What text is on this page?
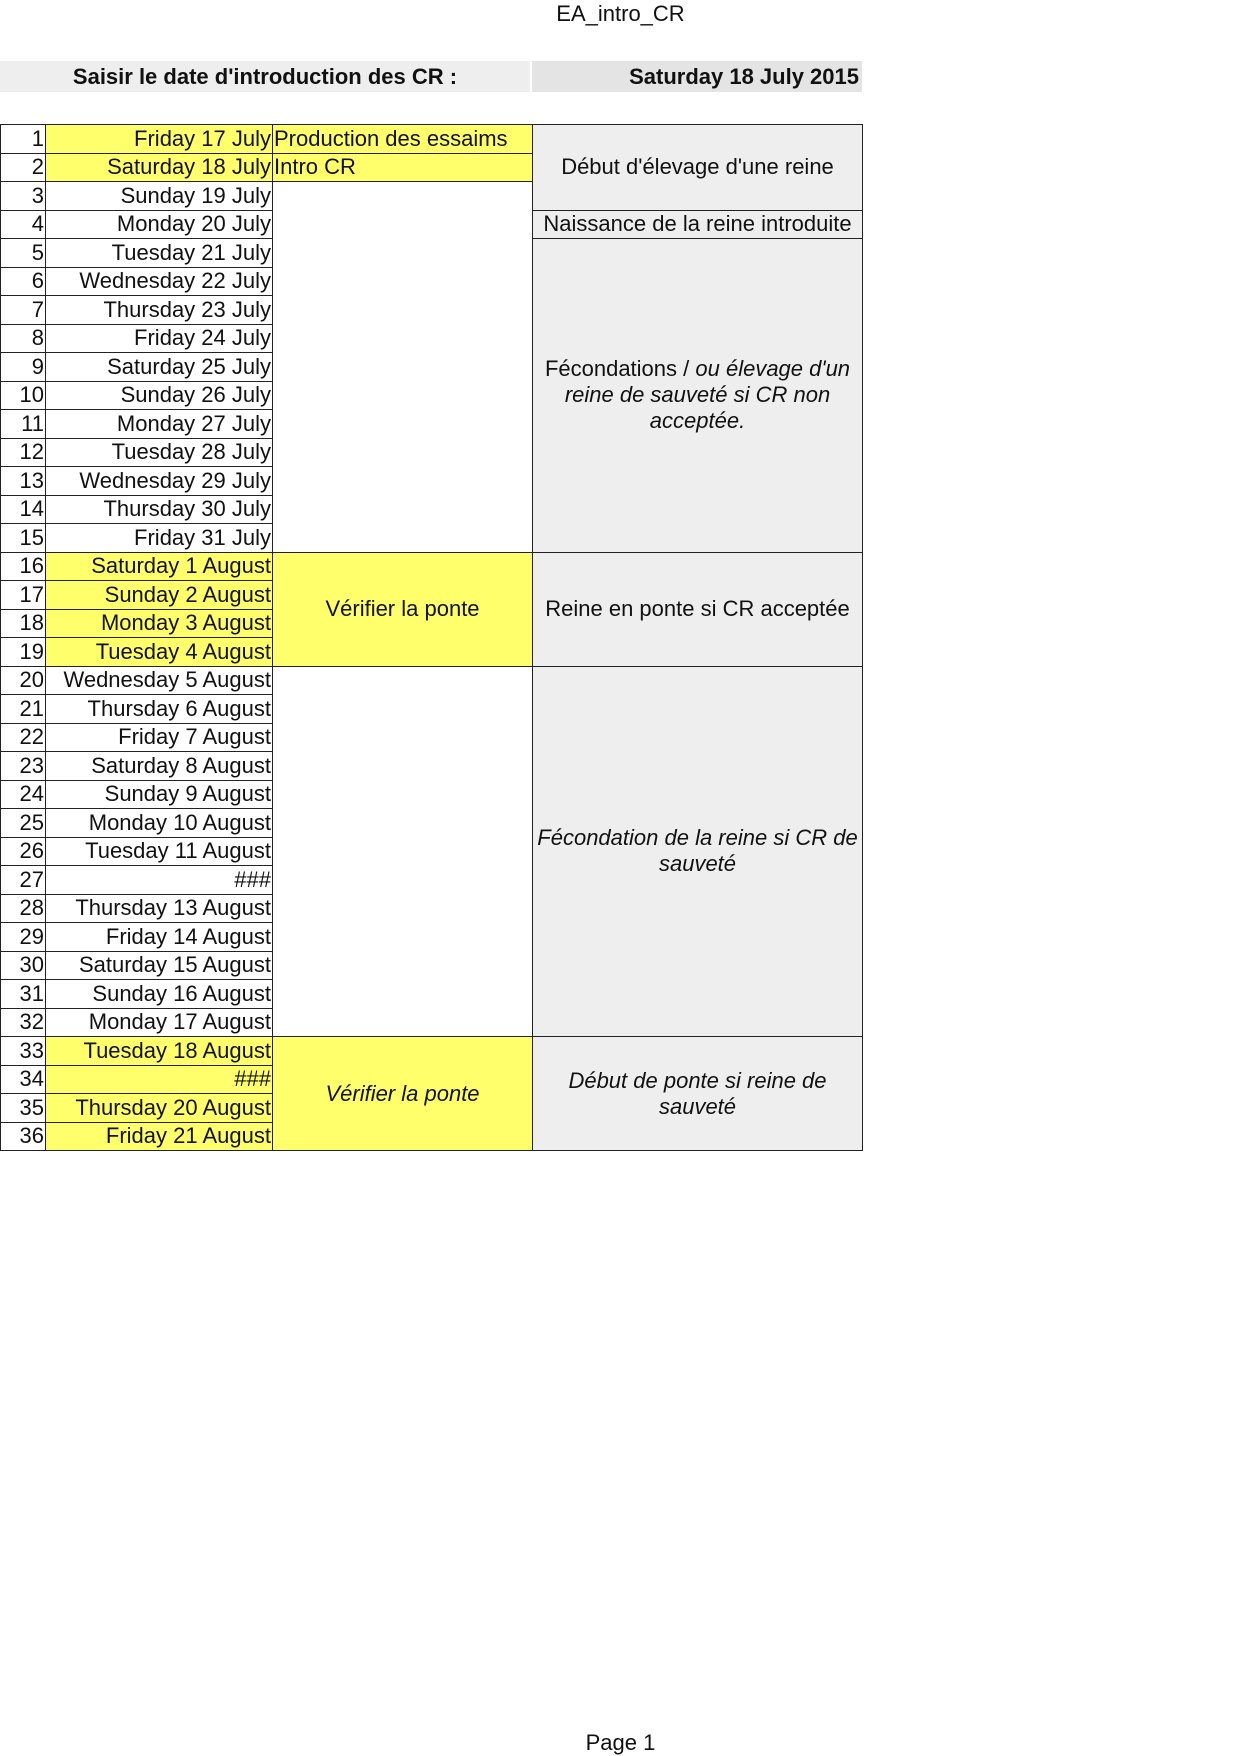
EA_intro_CR
Saisir le date d'introduction des CR :	Saturday 18 July 2015
1	Friday 17 July	Production des essaims	Début d'élevage d'une reine
2	Saturday 18 July	Intro CR	
3	Sunday 19 July		
4	Monday 20 July		Naissance de la reine introduite
5	Tuesday 21 July		Fécondations / ou élevage d'un reine de sauveté si CR non acceptée.
6	Wednesday 22 July		
7	Thursday 23 July		
8	Friday 24 July		
9	Saturday 25 July		
10	Sunday 26 July		
11	Monday 27 July		
12	Tuesday 28 July		
13	Wednesday 29 July		
14	Thursday 30 July		
15	Friday 31 July		
16	Saturday 1 August	Vérifier la ponte	Reine en ponte si CR acceptée
17	Sunday 2 August		
18	Monday 3 August		
19	Tuesday 4 August		
20	Wednesday 5 August		Fécondation de la reine si CR de sauveté
21	Thursday 6 August		
22	Friday 7 August		
23	Saturday 8 August		
24	Sunday 9 August		
25	Monday 10 August		
26	Tuesday 11 August		
27	###		
28	Thursday 13 August		
29	Friday 14 August		
30	Saturday 15 August		
31	Sunday 16 August		
32	Monday 17 August		
33	Tuesday 18 August	Vérifier la ponte	Début de ponte si reine de sauveté
34	###		
35	Thursday 20 August		
36	Friday 21 August		
Page 1
